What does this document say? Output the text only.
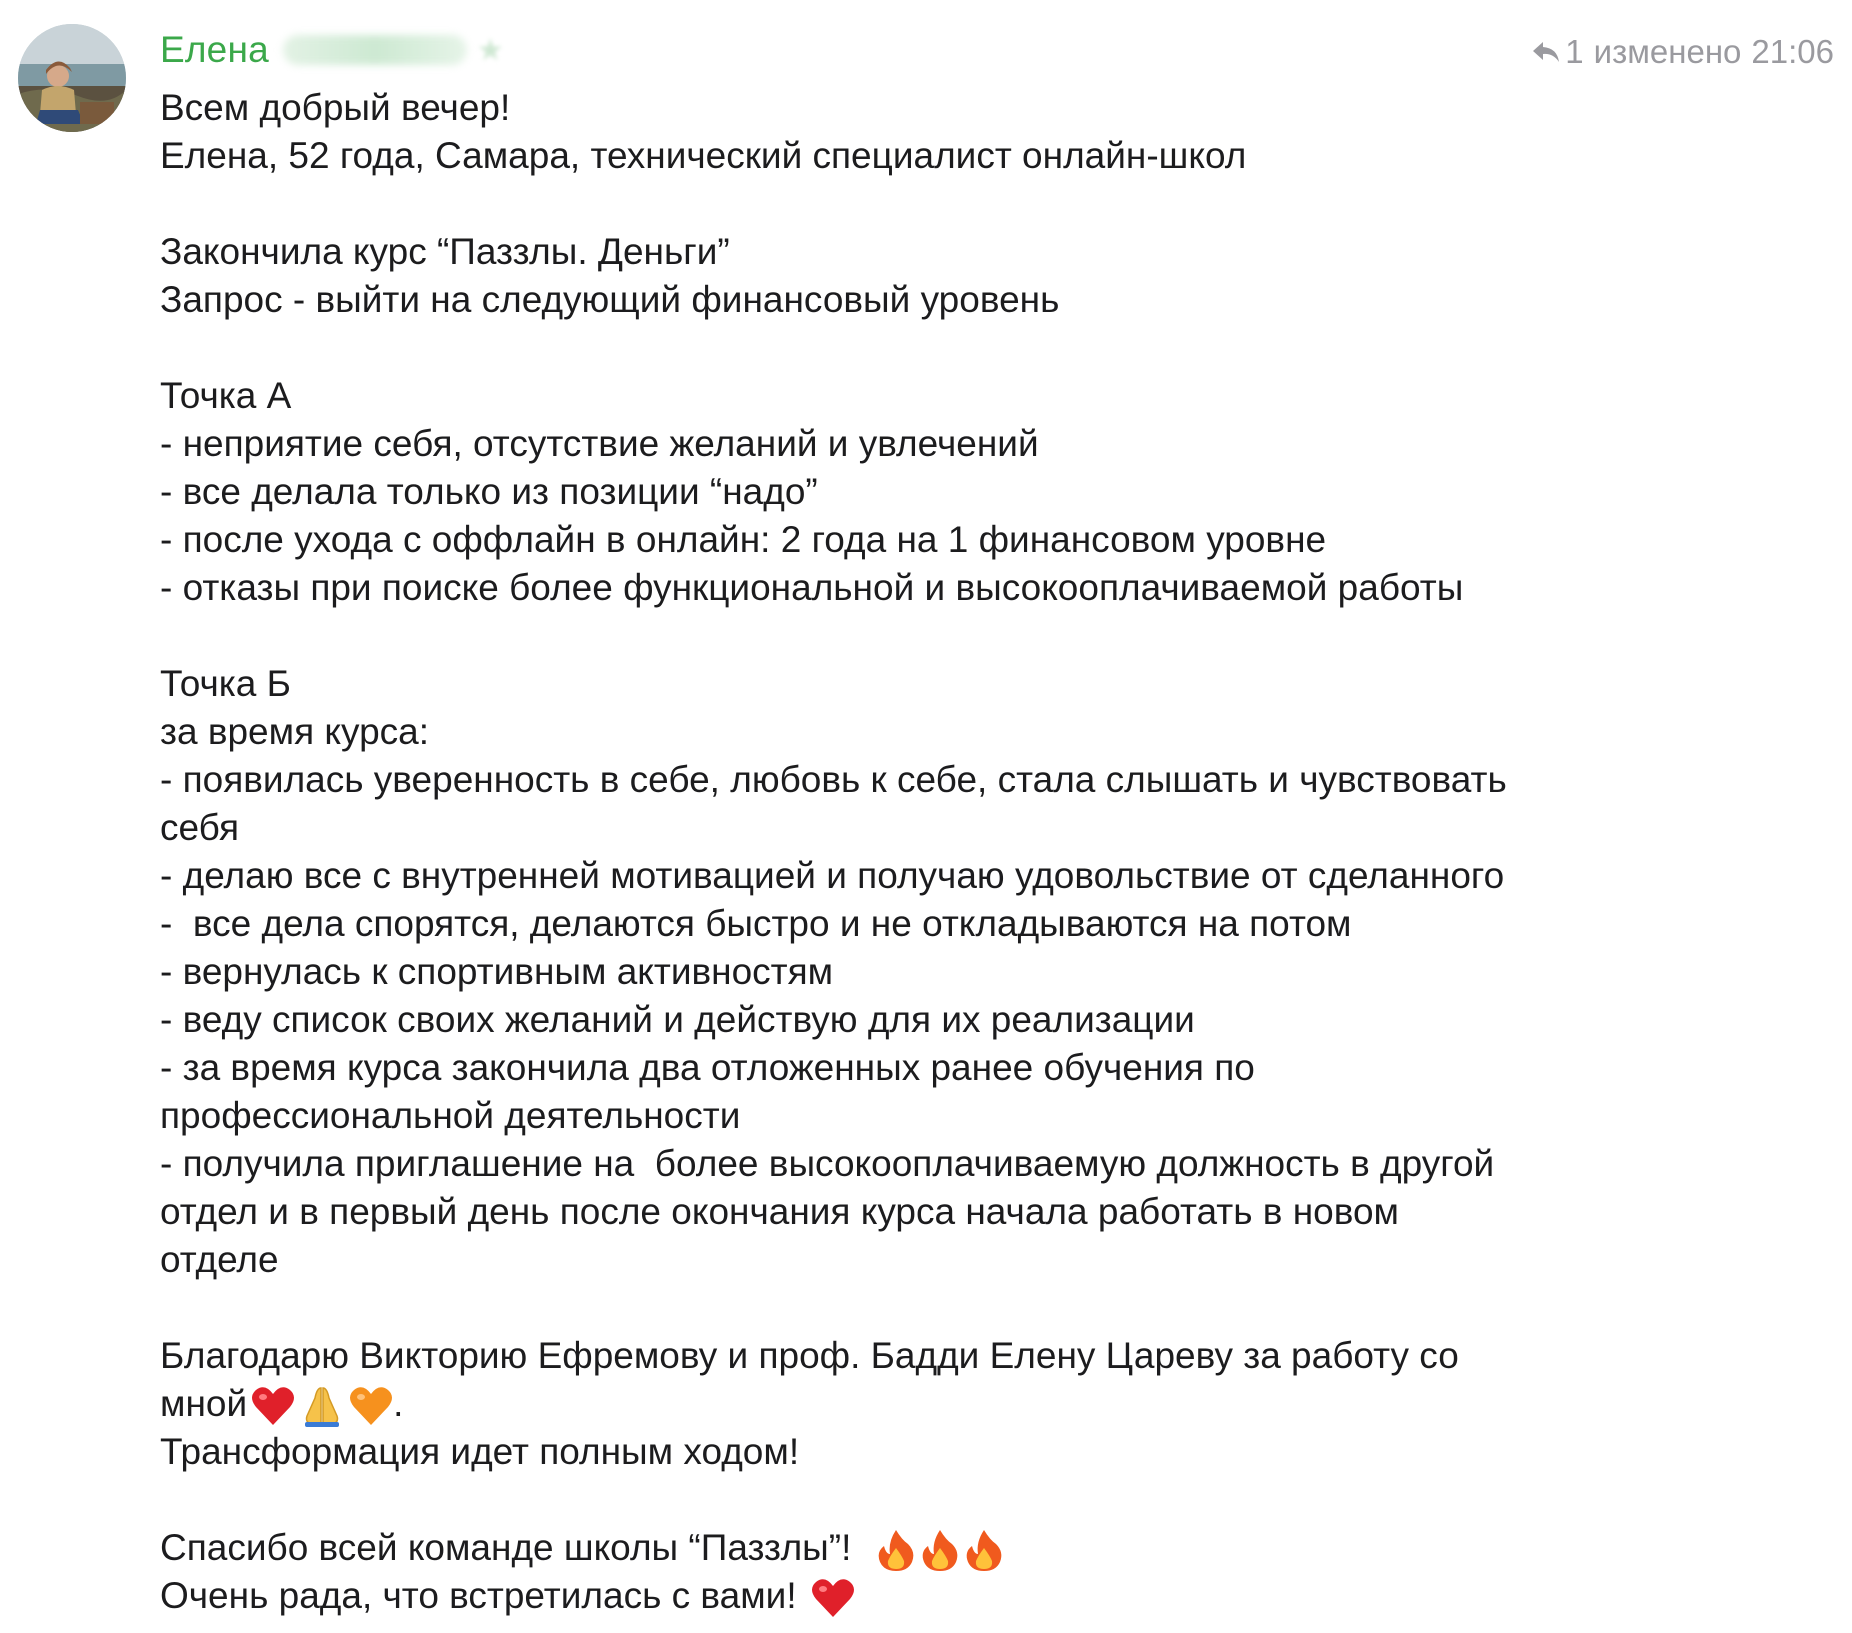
Елена	★	1 изменено 21:06
Всем добрый вечер!
Елена, 52 года, Самара, технический специалист онлайн-школ
Закончила курс “Паззлы. Деньги”
Запрос - выйти на следующий финансовый уровень
Точка А
- неприятие себя, отсутствие желаний и увлечений
- все делала только из позиции “надо”
- после ухода с оффлайн в онлайн: 2 года на 1 финансовом уровне
- отказы при поиске более функциональной и высокооплачиваемой работы
Точка Б
за время курса:
- появилась уверенность в себе, любовь к себе, стала слышать и чувствовать
себя
- делаю все с внутренней мотивацией и получаю удовольствие от сделанного
-  все дела спорятся, делаются быстро и не откладываются на потом
- вернулась к спортивным активностям
- веду список своих желаний и действую для их реализации
- за время курса закончила два отложенных ранее обучения по
профессиональной деятельности
- получила приглашение на  более высокооплачиваемую должность в другой
отдел и в первый день после окончания курса начала работать в новом
отделе
Благодарю Викторию Ефремову и проф. Бадди Елену Цареву за работу со
мной	.
Трансформация идет полным ходом!
Спасибо всей команде школы “Паззлы”!
Очень рада, что встретилась с вами!
